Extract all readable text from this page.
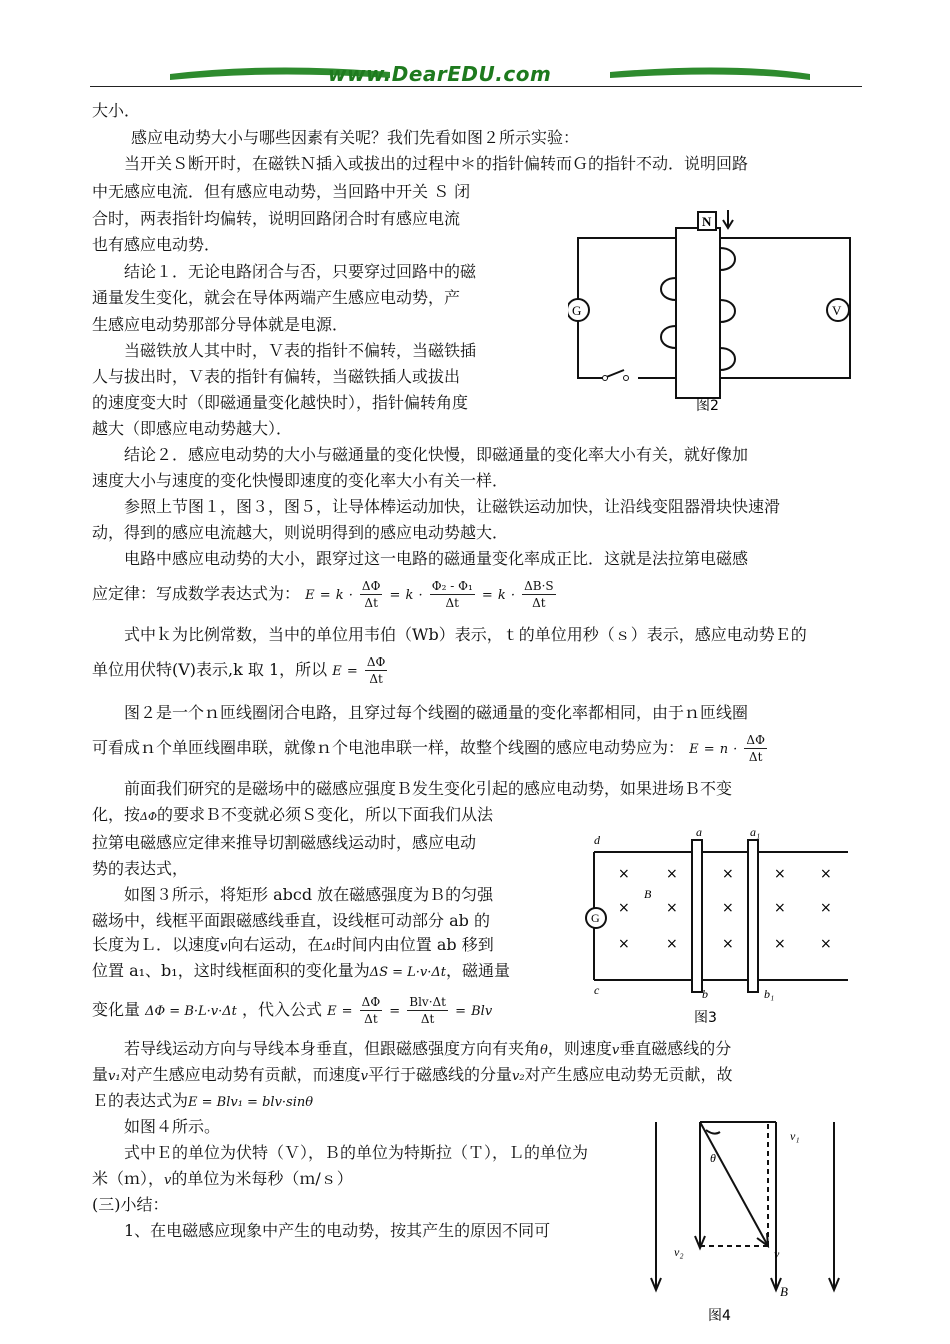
www.DearEDU.com
大小．
感应电动势大小与哪些因素有关呢？我们先看如图２所示实验：
当开关Ｓ断开时，在磁铁Ｎ插入或拔出的过程中＊的指针偏转而Ｇ的指针不动．说明回路
中无感应电流．但有感应电动势，当回路中开关 Ｓ 闭
合时，两表指针均偏转，说明回路闭合时有感应电流
也有感应电动势．
结论１．无论电路闭合与否，只要穿过回路中的磁
通量发生变化，就会在导体两端产生感应电动势，产
生感应电动势那部分导体就是电源．
当磁铁放人其中时，Ｖ表的指针不偏转，当磁铁插
人与拔出时，Ｖ表的指针有偏转，当磁铁插人或拔出
的速度变大时（即磁通量变化越快时），指针偏转角度
越大（即感应电动势越大）．
结论２．感应电动势的大小与磁通量的变化快慢，即磁通量的变化率大小有关，就好像加
速度大小与速度的变化快慢即速度的变化率大小有关一样．
参照上节图１，图３，图５，让导体棒运动加快，让磁铁运动加快，让沿线变阻器滑块快速滑
动，得到的感应电流越大，则说明得到的感应电动势越大．
电路中感应电动势的大小，跟穿过这一电路的磁通量变化率成正比．这就是法拉第电磁感
应定律：写成数学表达式为： $E = k \cdot \frac{\Delta\Phi}{\Delta t} = k \cdot \frac{\text{Φ₂ - Φ₁}}{\Delta t} = k \cdot \frac{\Delta B\cdot S}{\Delta t}$
式中ｋ为比例常数，当中的单位用韦伯（Wb）表示，ｔ的单位用秒（ｓ）表示，感应电动势Ｅ的
单位用伏特(V)表示,k 取 1，所以 $E = \frac{\Delta\Phi}{\Delta t}$
图２是一个ｎ匝线圈闭合电路，且穿过每个线圈的磁通量的变化率都相同，由于ｎ匝线圈
可看成ｎ个单匝线圈串联，就像ｎ个电池串联一样，故整个线圈的感应电动势应为： $E = n \cdot \frac{\Delta\Phi}{\Delta t}$
前面我们研究的是磁场中的磁感应强度Ｂ发生变化引起的感应电动势，如果进场Ｂ不变
化，按ΔΦ的要求Ｂ不变就必须Ｓ变化，所以下面我们从法
拉第电磁感应定律来推导切割磁感线运动时，感应电动
势的表达式，
如图３所示，将矩形 abcd 放在磁感强度为Ｂ的匀强
磁场中，线框平面跟磁感线垂直，设线框可动部分 ab 的
长度为Ｌ．以速度v向右运动，在Δt时间内由位置 ab 移到
位置 a₁、b₁，这时线框面积的变化量为ΔS = L·v·Δt，磁通量
变化量 ΔΦ = B·L·v·Δt ，代入公式 $E = \frac{\Delta\Phi}{\Delta t} = \frac{\text{Blv·Δt}}{\Delta t}$ = Blv
若导线运动方向与导线本身垂直，但跟磁感强度方向有夹角θ，则速度v垂直磁感线的分
量v₁对产生感应电动势有贡献，而速度v平行于磁感线的分量v₂对产生感应电动势无贡献，故
Ｅ的表达式为E = Blv₁ = blv·sinθ
如图４所示。
式中Ｅ的单位为伏特（Ｖ），Ｂ的单位为特斯拉（Ｔ），Ｌ的单位为
米（ｍ），v的单位为米每秒（ｍ/ｓ）
(三)小结：
1、在电磁感应现象中产生的电动势，按其产生的原因不同可
G	V
N
图2
×	×	×	× ×
×	×	×	× ×
×	×	×	× ×
d
a	a₁
B
G
c	b	b₁
图3
v₁
θ
v₂	v
B
图4
